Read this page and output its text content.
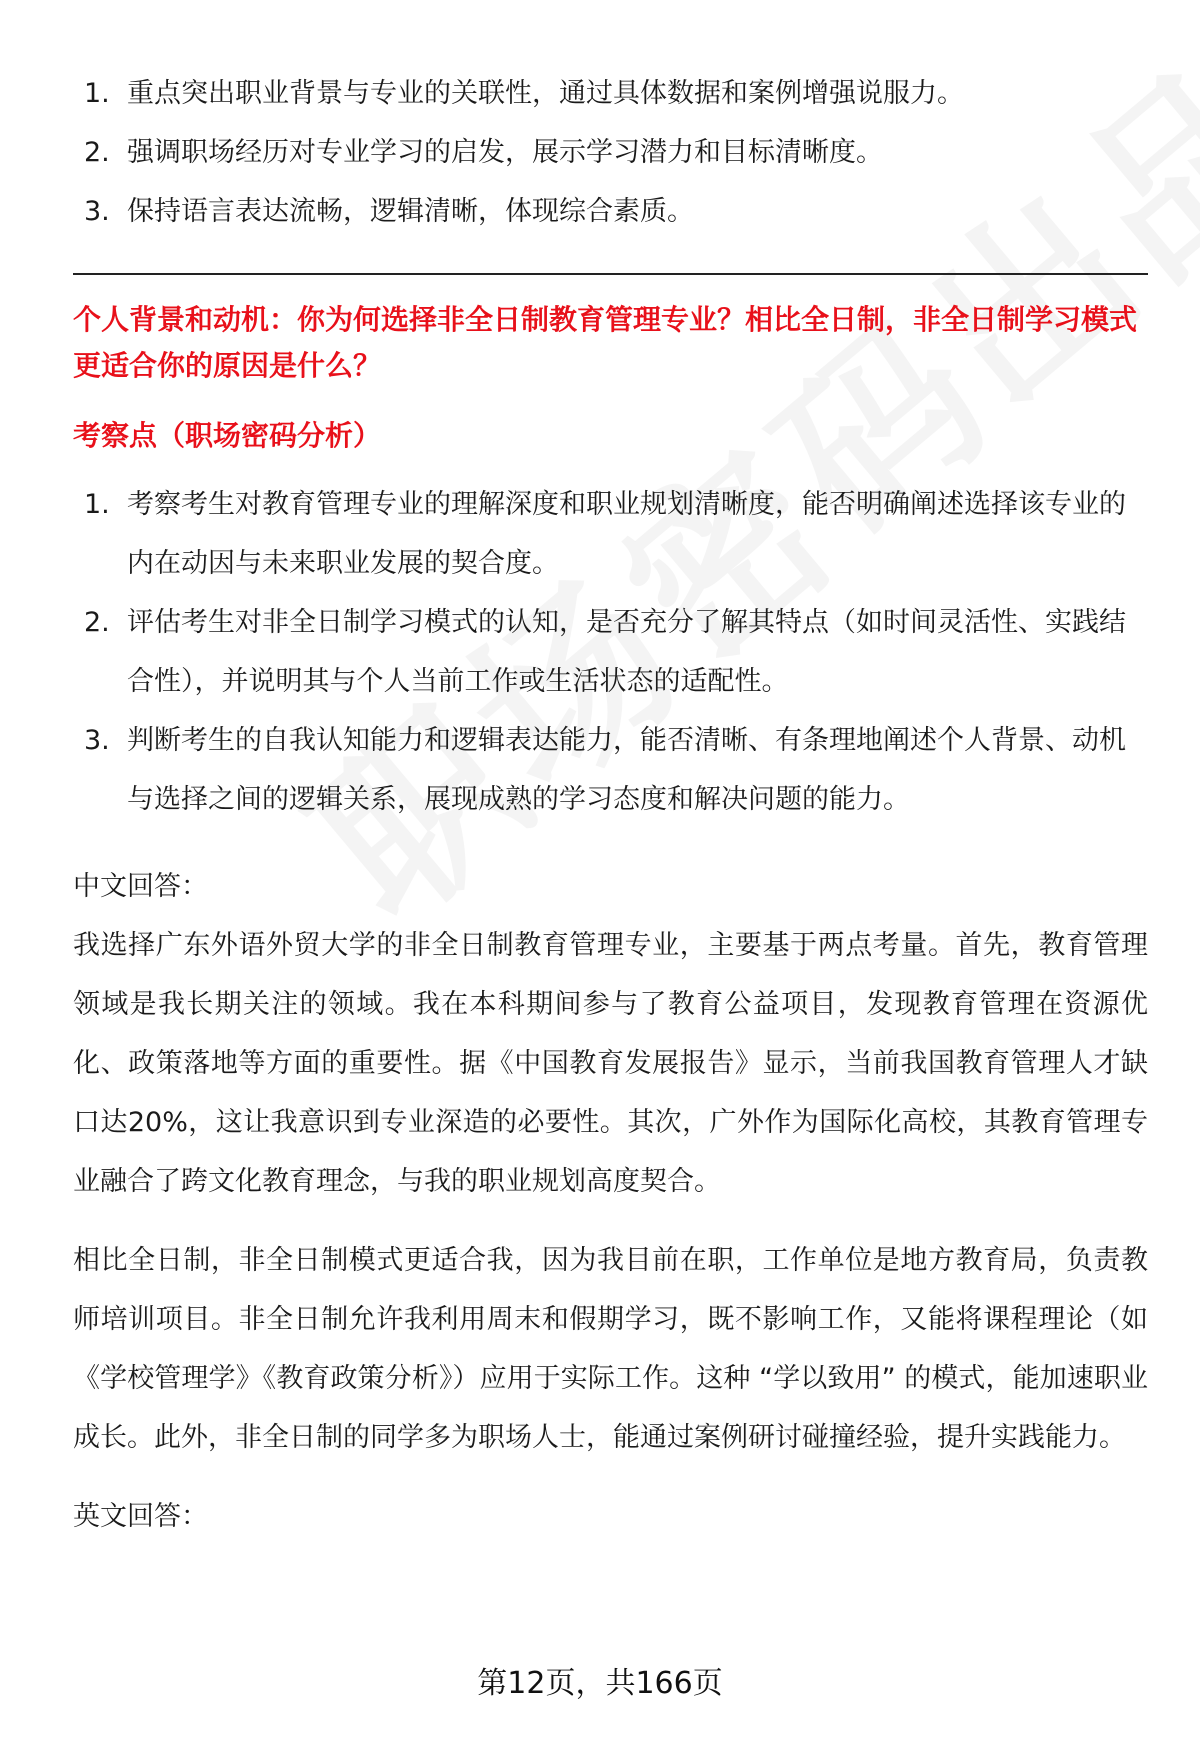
1. 重点突出职业背景与专业的关联性，通过具体数据和案例增强说服力。
2. 强调职场经历对专业学习的启发，展示学习潜力和目标清晰度。
3. 保持语言表达流畅，逻辑清晰，体现综合素质。

个人背景和动机：你为何选择非全日制教育管理专业？相比全日制，非全日制学习模式更适合你的原因是什么？

考察点（职场密码分析）
1. 考察考生对教育管理专业的理解深度和职业规划清晰度，能否明确阐述选择该专业的内在动因与未来职业发展的契合度。
2. 评估考生对非全日制学习模式的认知，是否充分了解其特点（如时间灵活性、实践结合性），并说明其与个人当前工作或生活状态的适配性。
3. 判断考生的自我认知能力和逻辑表达能力，能否清晰、有条理地阐述个人背景、动机与选择之间的逻辑关系，展现成熟的学习态度和解决问题的能力。
中文回答：

我选择广东外语外贸大学的非全日制教育管理专业，主要基于两点考量。首先，教育管理领域是我长期关注的领域。我在本科期间参与了教育公益项目，发现教育管理在资源优化、政策落地等方面的重要性。据《中国教育发展报告》显示，当前我国教育管理人才缺口达20%，这让我意识到专业深造的必要性。其次，广外作为国际化高校，其教育管理专业融合了跨文化教育理念，与我的职业规划高度契合。

相比全日制，非全日制模式更适合我，因为我目前在职，工作单位是地方教育局，负责教师培训项目。非全日制允许我利用周末和假期学习，既不影响工作，又能将课程理论（如《学校管理学》《教育政策分析》）应用于实际工作。这种 “学以致用” 的模式，能加速职业成长。此外，非全日制的同学多为职场人士，能通过案例研讨碰撞经验，提升实践能力。

英文回答：
第12页，共166页
